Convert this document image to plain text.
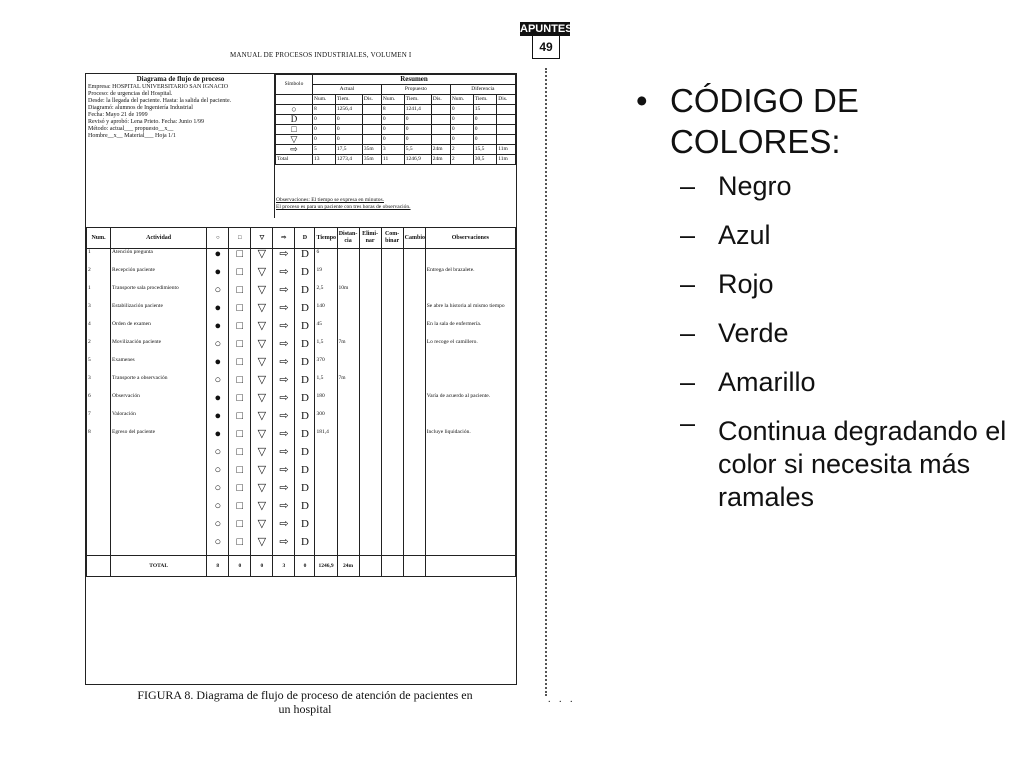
MANUAL DE PROCESOS INDUSTRIALES, VOLUMEN I
APUNTES
49
. . .
Diagrama de flujo de proceso
Empresa: HOSPITAL UNIVERSITARIO SAN IGNACIO
Proceso: de urgencias del Hospital.
Desde: la llegada del paciente. Hasta: la salida del paciente.
Diagramó: alumnos de Ingeniería Industrial
Fecha: Mayo 21 de 1999
Revisó y aprobó: Lena Prieto. Fecha: Junio 1/99
Método: actual___ propuesto__x__
Hombre__x__ Material___ Hoja 1/1
Símbolo	Resumen								
	Actual			Propuesto			Diferencia		
	Num.	Tiem.	Dis.	Num.	Tiem.	Dis.	Num.	Tiem.	Dis.
○	8	1256,4		8	1241,4		0	15	
D	0	0		0	0		0	0	
□	0	0		0	0		0	0	
▽	0	0		0	0		0	0	
⇨	5	17,5	35m	3	5,5	24m	2	15,5	11m
Total	13	1273,4	35m	11	1246,9	24m	2	30,5	11m
Observaciones: El tiempo se expresa en minutos.
El proceso es para un paciente con tres horas de observación.
Num.	Actividad	○	□	▽	⇨	D	Tiempo	Distan- cia	Elimi- nar	Com- binar	Cambio	Observaciones
1	Atención pregunta	●	□	▽	⇨	D	6					
2	Recepción paciente	●	□	▽	⇨	D	19					Entrega del brazalete.
1	Transporte sala procedimiento	○	□	▽	⇨	D	2,5	10m				
3	Estabilización paciente	●	□	▽	⇨	D	140					Se abre la historia al mismo tiempo
4	Orden de examen	●	□	▽	⇨	D	45					En la sala de enfermería.
2	Movilización paciente	○	□	▽	⇨	D	1,5	7m				Lo recoge el camillero.
5	Examenes	●	□	▽	⇨	D	370					
3	Transporte a observación	○	□	▽	⇨	D	1,5	7m				
6	Observación	●	□	▽	⇨	D	180					Varía de acuerdo al paciente.
7	Valoración	●	□	▽	⇨	D	300					
8	Egreso del paciente	●	□	▽	⇨	D	181,4					Incluye liquidación.
		○	□	▽	⇨	D						
		○	□	▽	⇨	D						
		○	□	▽	⇨	D						
		○	□	▽	⇨	D						
		○	□	▽	⇨	D						
		○	□	▽	⇨	D						
	TOTAL	8	0	0	3	0	1246,9	24m				
FIGURA 8. Diagrama de flujo de proceso de atención de pacientes en
un hospital
• CÓDIGO DE COLORES:
– Negro
– Azul
– Rojo
– Verde
– Amarillo
– Continua degradando el color si necesita más ramales
